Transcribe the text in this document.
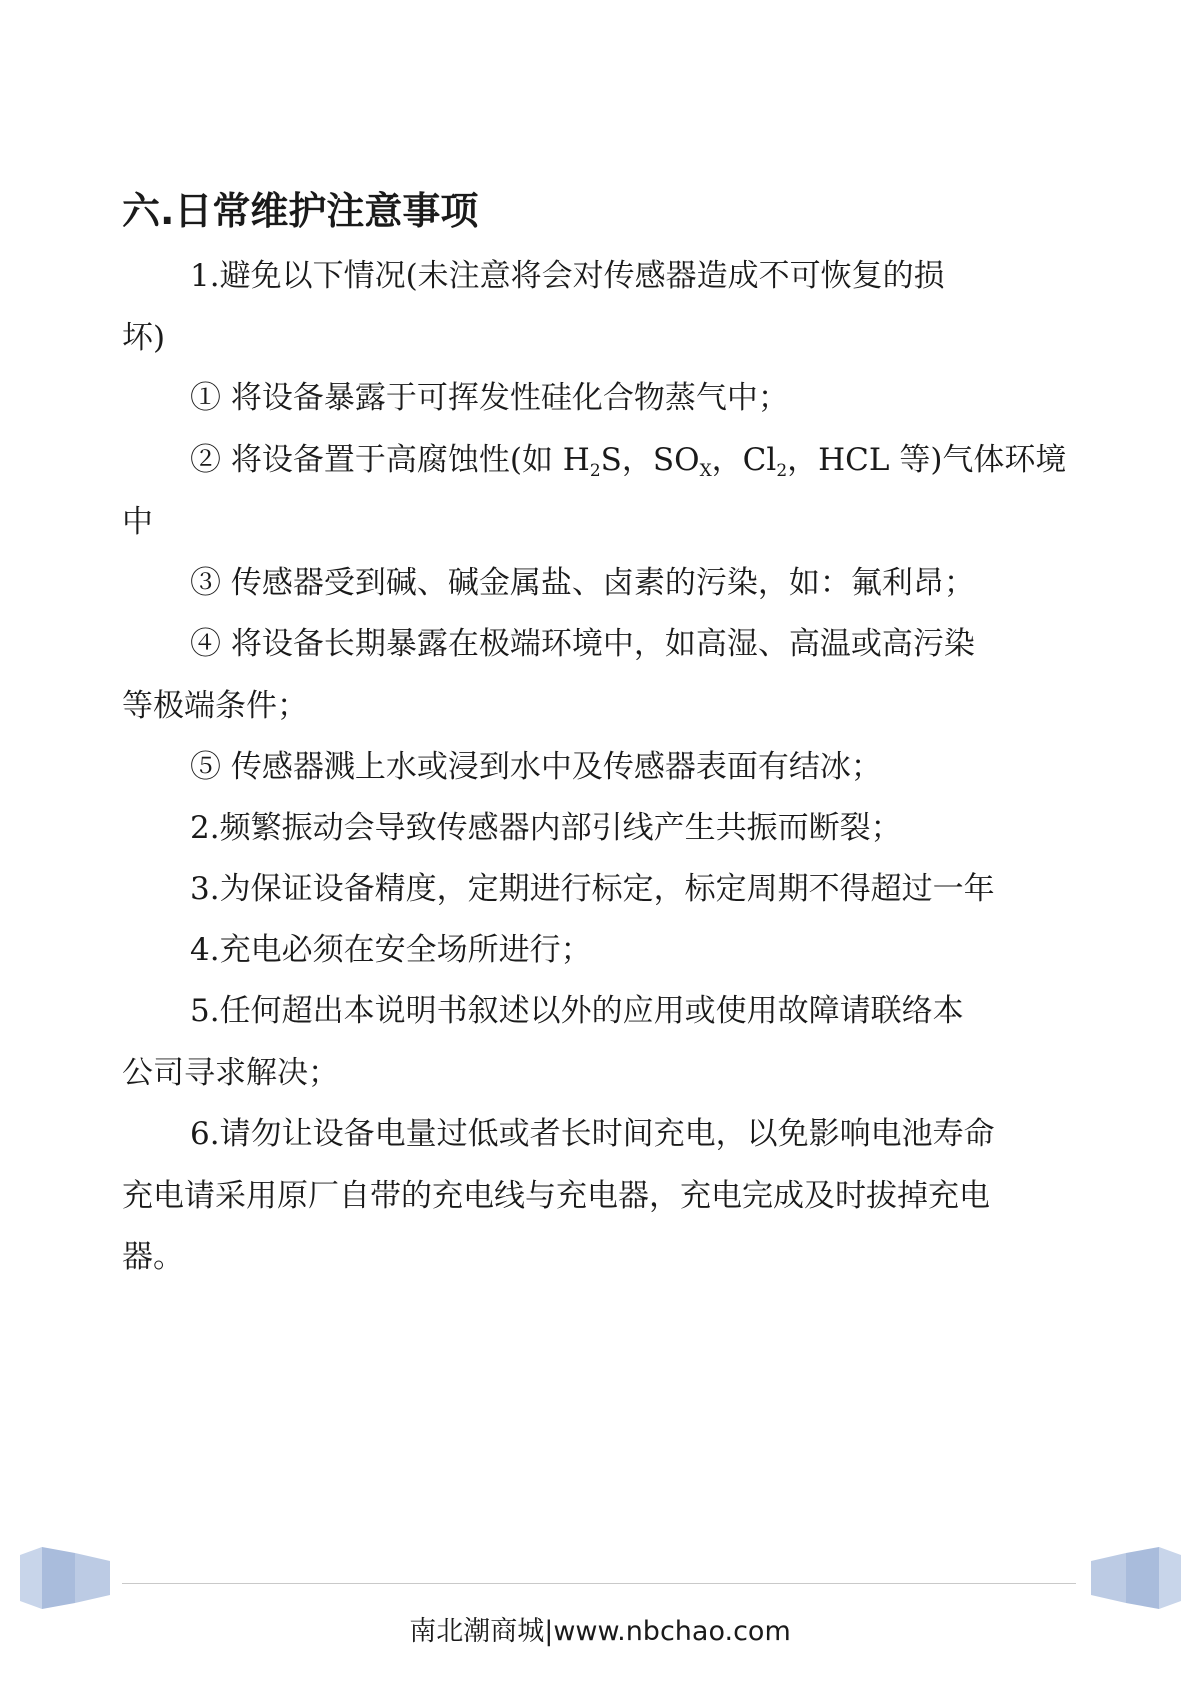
六.日常维护注意事项

1.避免以下情况(未注意将会对传感器造成不可恢复的损

坏)

① 将设备暴露于可挥发性硅化合物蒸气中；

② 将设备置于高腐蚀性(如 $H_2S$，$SO_X$，$Cl_2$，HCL 等)气体环境

中

③ 传感器受到碱、碱金属盐、卤素的污染，如：氟利昂；

④ 将设备长期暴露在极端环境中，如高湿、高温或高污染

等极端条件；

⑤ 传感器溅上水或浸到水中及传感器表面有结冰；

2.频繁振动会导致传感器内部引线产生共振而断裂；

3.为保证设备精度，定期进行标定，标定周期不得超过一年

4.充电必须在安全场所进行；

5.任何超出本说明书叙述以外的应用或使用故障请联络本

公司寻求解决；

6.请勿让设备电量过低或者长时间充电，以免影响电池寿命

充电请采用原厂自带的充电线与充电器，充电完成及时拔掉充电

器。

南北潮商城|www.nbchao.com
